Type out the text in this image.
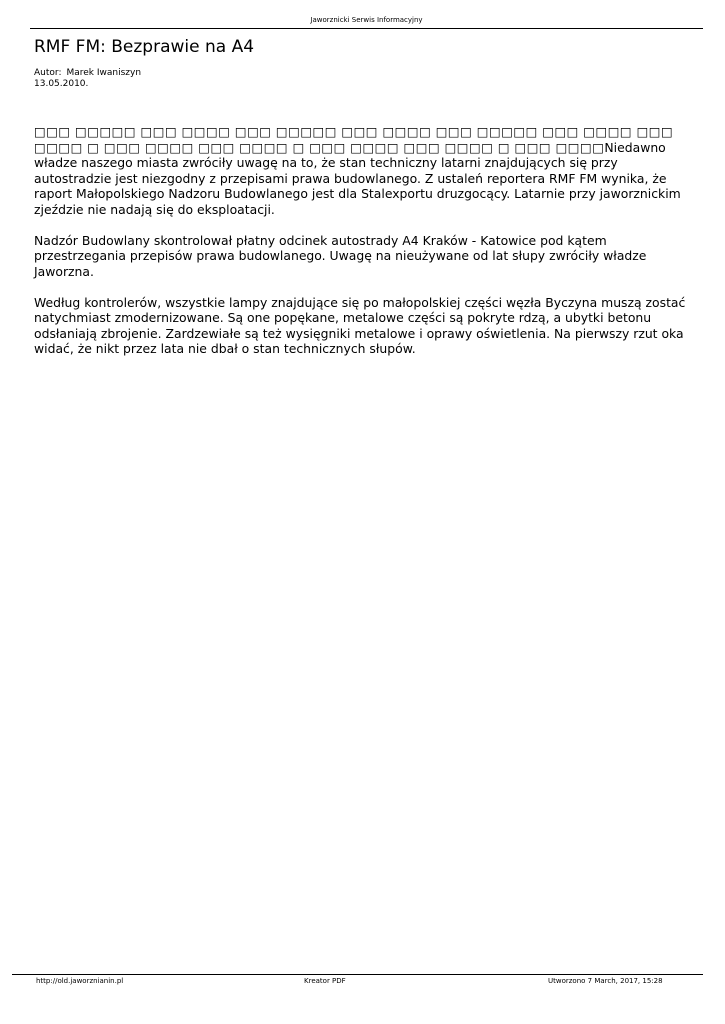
Jaworznicki Serwis Informacyjny
RMF FM: Bezprawie na A4
Autor: Marek Iwaniszyn
13.05.2010.

□□□ □□□□□ □□□ □□□□ □□□ □□□□□ □□□ □□□□ □□□ □□□□□ □□□ □□□□ □□□ □□□□ □ □□□ □□□□ □□□ □□□□ □ □□□ □□□□ □□□ □□□□ □ □□□ □□□□Niedawno władze naszego miasta zwróciły uwagę na to, że stan techniczny latarni znajdujących się przy autostradzie jest niezgodny z przepisami prawa budowlanego. Z ustaleń reportera RMF FM wynika, że raport Małopolskiego Nadzoru Budowlanego jest dla Stalexportu druzgocący. Latarnie przy jaworznickim zjeździe nie nadają się do eksploatacji.

Nadzór Budowlany skontrolował płatny odcinek autostrady A4 Kraków - Katowice pod kątem przestrzegania przepisów prawa budowlanego. Uwagę na nieużywane od lat słupy zwróciły władze Jaworzna.

Według kontrolerów, wszystkie lampy znajdujące się po małopolskiej części węzła Byczyna muszą zostać natychmiast zmodernizowane. Są one popękane, metalowe części są pokryte rdzą, a ubytki betonu odsłaniają zbrojenie. Zardzewiałe są też wysięgniki metalowe i oprawy oświetlenia. Na pierwszy rzut oka widać, że nikt przez lata nie dbał o stan technicznych słupów.

http://old.jaworznianin.pl	Kreator PDF	Utworzono 7 March, 2017, 15:28
